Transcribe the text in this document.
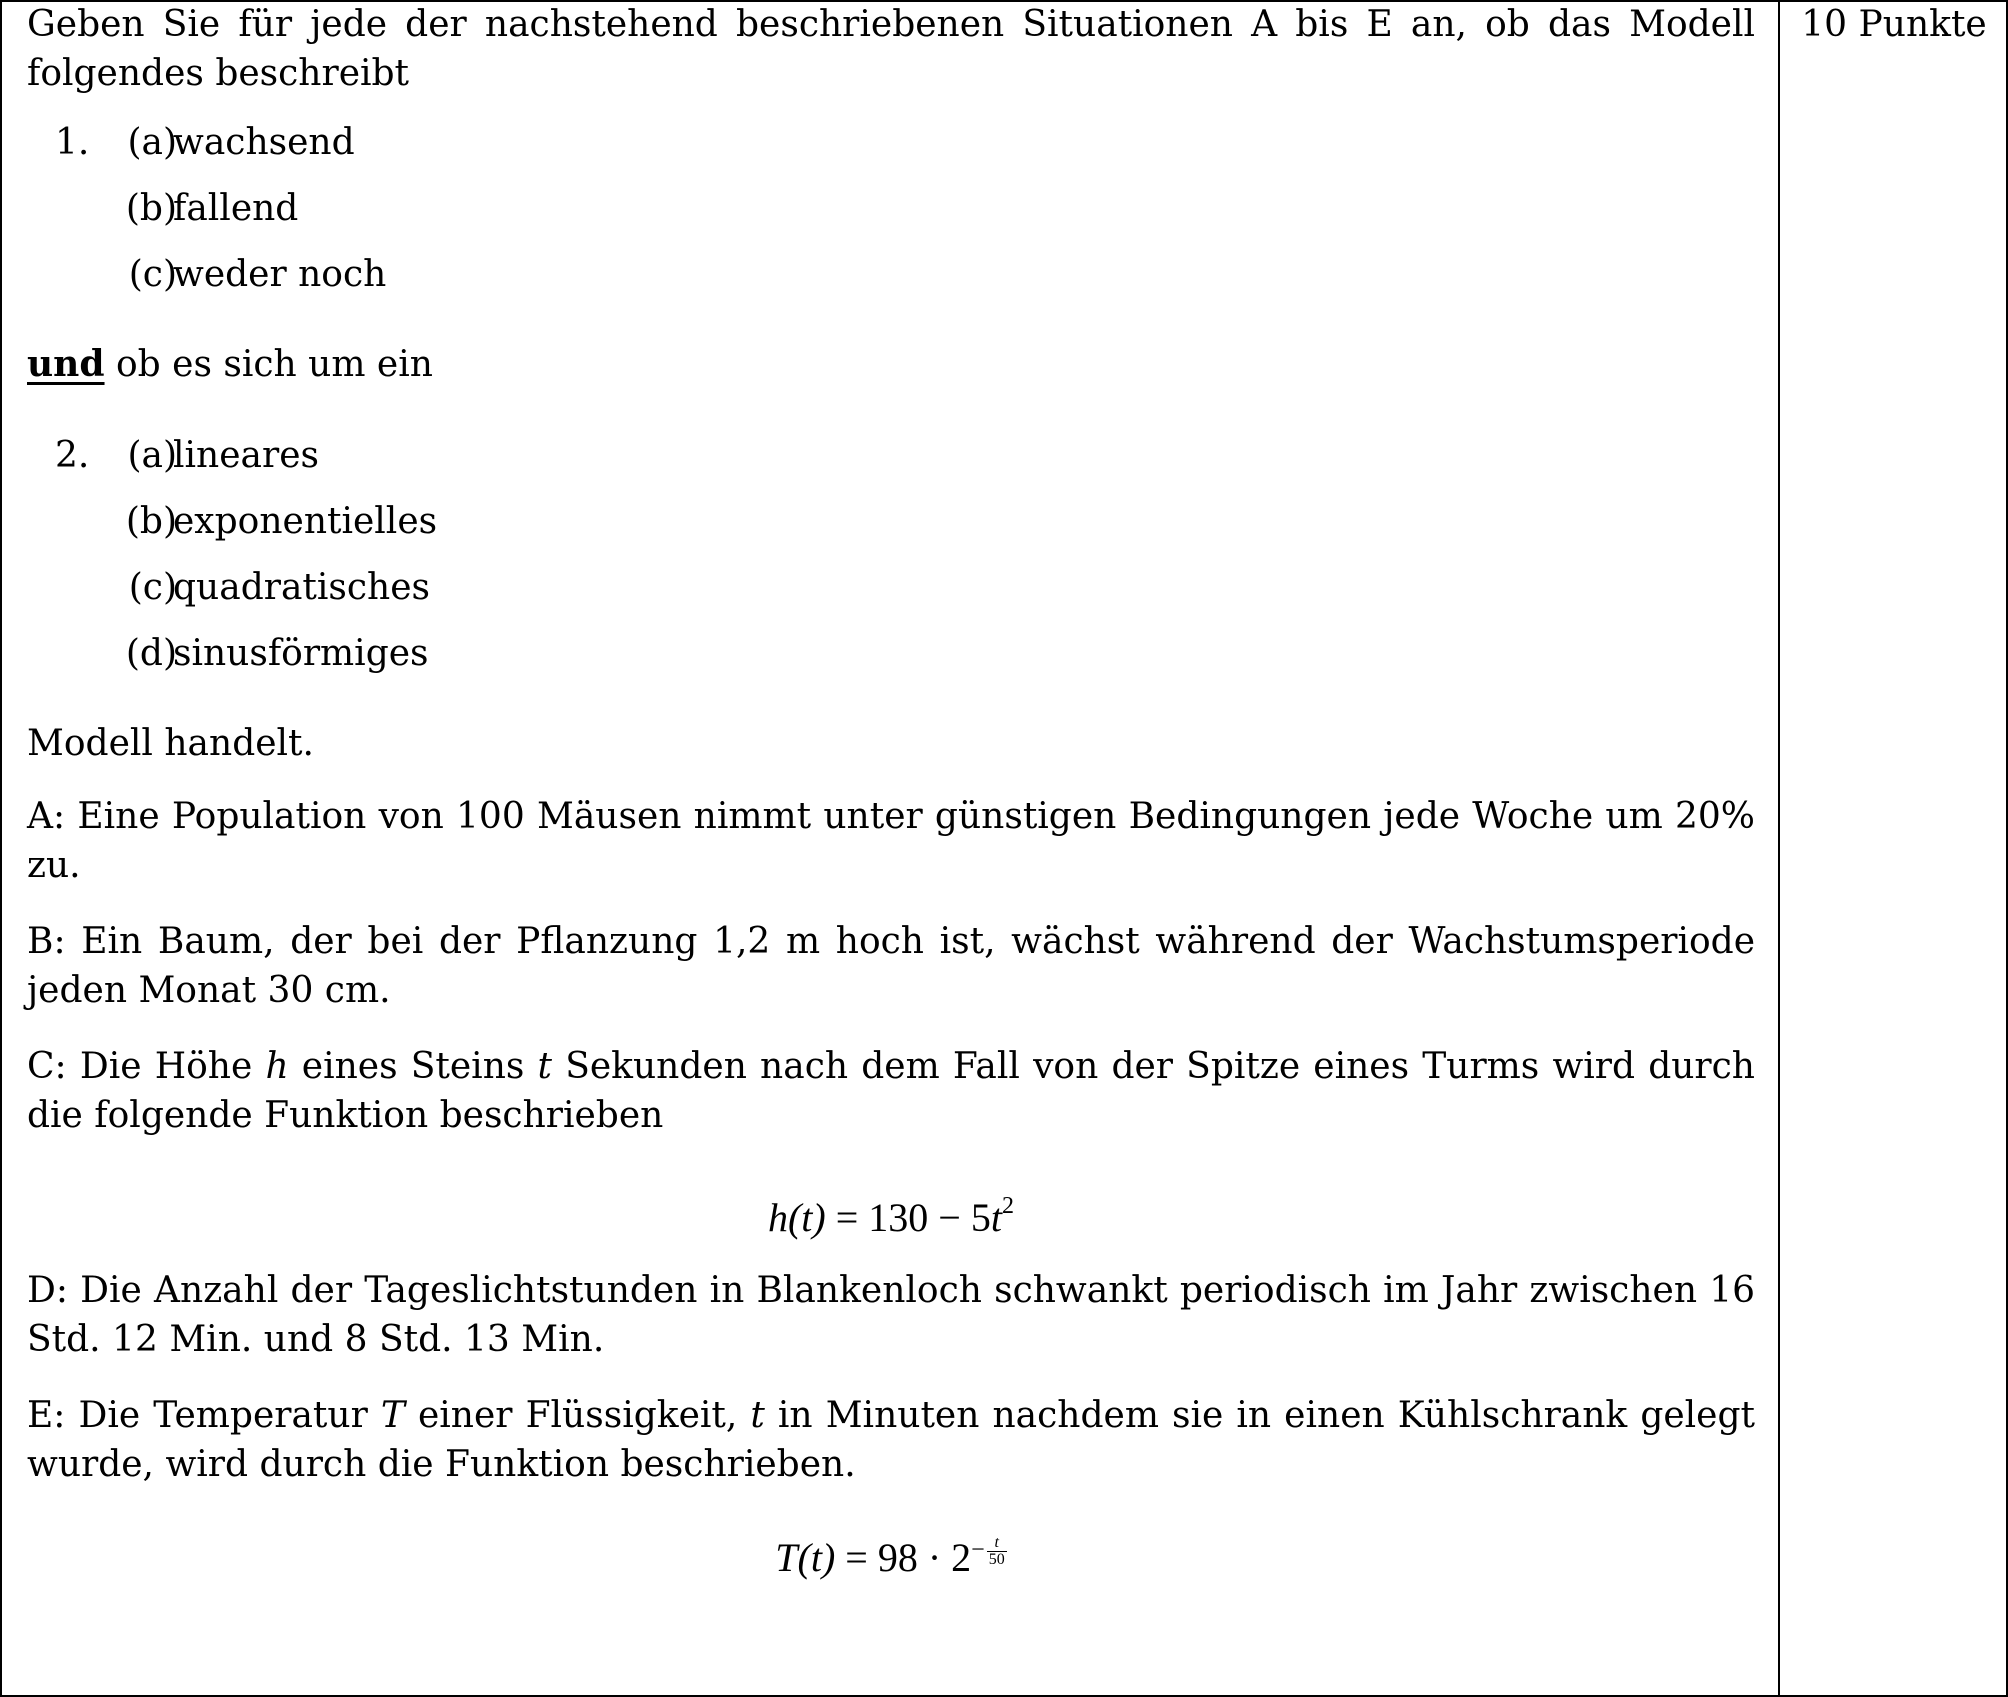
10 Punkte

Geben Sie für jede der nachstehend beschriebenen Situationen A bis E an, ob das Modell folgendes beschreibt

1. (a)
wachsend
(b)
fallend
(c)
weder noch

und ob es sich um ein

2. (a)
lineares
(b)
exponentielles
(c)
quadratisches
(d)
sinusförmiges

Modell handelt.

A: Eine Population von 100 Mäusen nimmt unter günstigen Bedingungen jede Woche um 20% zu.

B: Ein Baum, der bei der Pflanzung 1,2 m hoch ist, wächst während der Wachstumsperiode jeden Monat 30 cm.

C: Die Höhe h eines Steins t Sekunden nach dem Fall von der Spitze eines Turms wird durch die folgende Funktion beschrieben

$h(t) = 130 - 5t^2$

D: Die Anzahl der Tageslichtstunden in Blankenloch schwankt periodisch im Jahr zwischen 16 Std. 12 Min. und 8 Std. 13 Min.

E: Die Temperatur T einer Flüssigkeit, t in Minuten nachdem sie in einen Kühlschrank gelegt wurde, wird durch die Funktion beschrieben.

$T(t) = 98 \cdot 2- \frac{t}{50}$
